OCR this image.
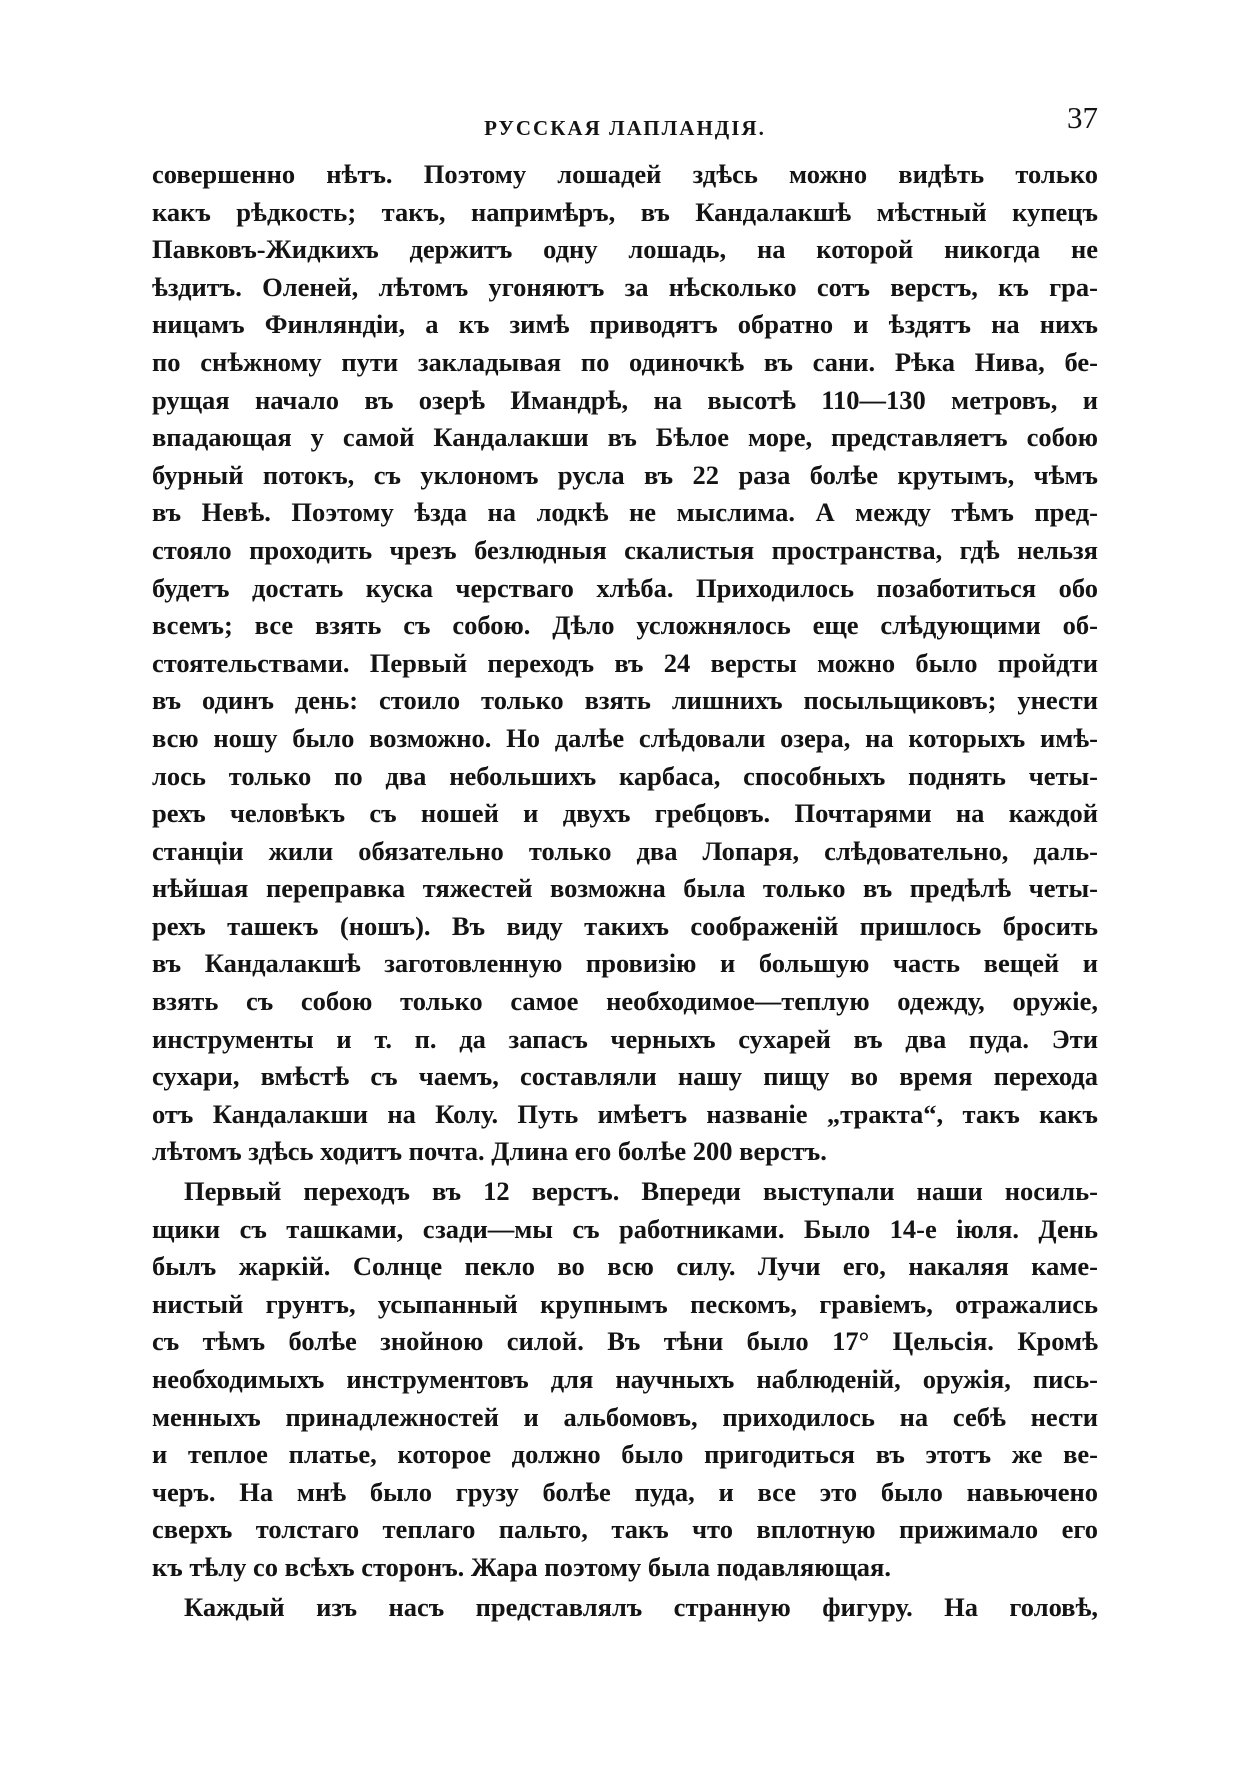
РУССКАЯ ЛАПЛАНДІЯ.	37
совершенно нѣтъ. Поэтому лошадей здѣсь можно видѣть только
какъ рѣдкость; такъ, напримѣръ, въ Кандалакшѣ мѣстный купецъ
Павковъ-Жидкихъ держитъ одну лошадь, на которой никогда не
ѣздитъ. Оленей, лѣтомъ угоняютъ за нѣсколько сотъ верстъ, къ гра-
ницамъ Финляндіи, а къ зимѣ приводятъ обратно и ѣздятъ на нихъ
по снѣжному пути закладывая по одиночкѣ въ сани. Рѣка Нива, бе-
рущая начало въ озерѣ Имандрѣ, на высотѣ 110—130 метровъ, и
впадающая у самой Кандалакши въ Бѣлое море, представляетъ собою
бурный потокъ, съ уклономъ русла въ 22 раза болѣе крутымъ, чѣмъ
въ Невѣ. Поэтому ѣзда на лодкѣ не мыслима. А между тѣмъ пред-
стояло проходить чрезъ безлюдныя скалистыя пространства, гдѣ нельзя
будетъ достать куска черстваго хлѣба. Приходилось позаботиться обо
всемъ; все взять съ собою. Дѣло усложнялось еще слѣдующими об-
стоятельствами. Первый переходъ въ 24 версты можно было пройдти
въ одинъ день: стоило только взять лишнихъ посыльщиковъ; унести
всю ношу было возможно. Но далѣе слѣдовали озера, на которыхъ имѣ-
лось только по два небольшихъ карбаса, способныхъ поднять четы-
рехъ человѣкъ съ ношей и двухъ гребцовъ. Почтарями на каждой
станціи жили обязательно только два Лопаря, слѣдовательно, даль-
нѣйшая переправка тяжестей возможна была только въ предѣлѣ четы-
рехъ ташекъ (ношъ). Въ виду такихъ соображеній пришлось бросить
въ Кандалакшѣ заготовленную провизію и большую часть вещей и
взять съ собою только самое необходимое—теплую одежду, оружіе,
инструменты и т. п. да запасъ черныхъ сухарей въ два пуда. Эти
сухари, вмѣстѣ съ чаемъ, составляли нашу пищу во время перехода
отъ Кандалакши на Колу. Путь имѣетъ названіе „тракта“, такъ какъ
лѣтомъ здѣсь ходитъ почта. Длина его болѣе 200 верстъ.
Первый переходъ въ 12 верстъ. Впереди выступали наши носиль-
щики съ ташками, сзади—мы съ работниками. Было 14-е іюля. День
былъ жаркій. Солнце пекло во всю силу. Лучи его, накаляя каме-
нистый грунтъ, усыпанный крупнымъ пескомъ, гравіемъ, отражались
съ тѣмъ болѣе знойною силой. Въ тѣни было 17° Цельсія. Кромѣ
необходимыхъ инструментовъ для научныхъ наблюденій, оружія, пись-
менныхъ принадлежностей и альбомовъ, приходилось на себѣ нести
и теплое платье, которое должно было пригодиться въ этотъ же ве-
черъ. На мнѣ было грузу болѣе пуда, и все это было навьючено
сверхъ толстаго теплаго пальто, такъ что вплотную прижимало его
къ тѣлу со всѣхъ сторонъ. Жара поэтому была подавляющая.
Каждый изъ насъ представлялъ странную фигуру. На головѣ,
